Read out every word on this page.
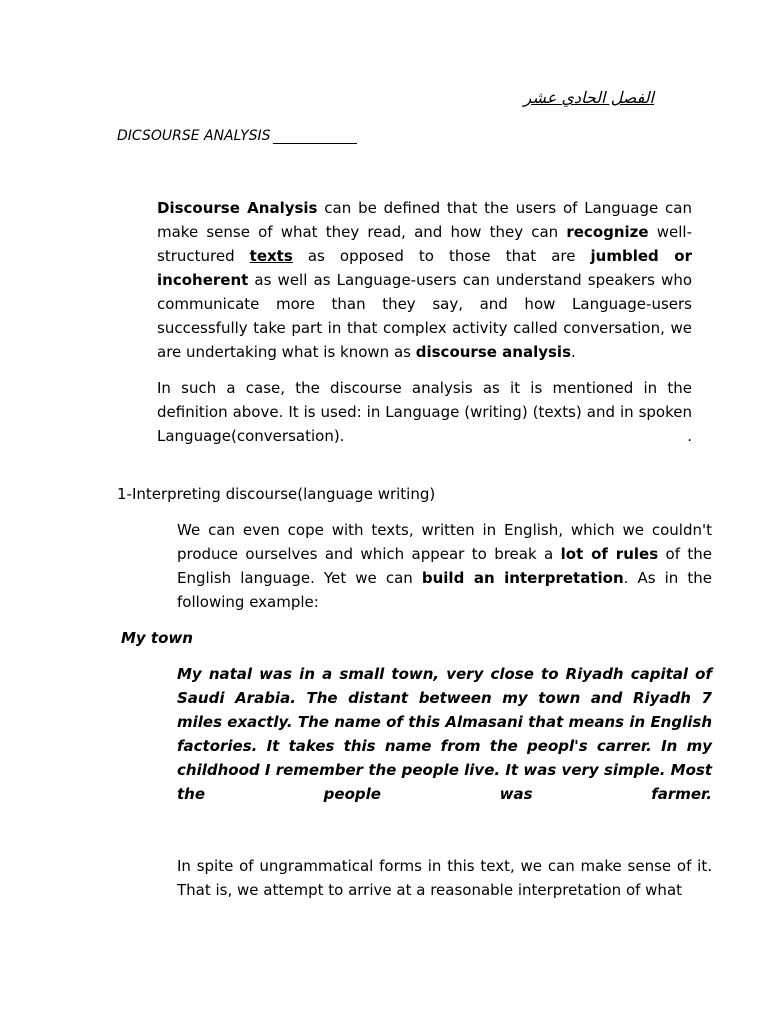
الفصل الحادي عشر
DICSOURSE ANALYSIS
Discourse Analysis can be defined that the users of Language can make sense of what they read, and how they can recognize well-structured texts as opposed to those that are jumbled or incoherent as well as Language-users can understand speakers who communicate more than they say, and how Language-users successfully take part in that complex activity called conversation, we are undertaking what is known as discourse analysis.
In such a case, the discourse analysis as it is mentioned in the definition above. It is used: in Language (writing) (texts) and in spoken Language(conversation).	.
1-Interpreting discourse(language writing)
We can even cope with texts, written in English, which we couldn't produce ourselves and which appear to break a lot of rules of the English language. Yet we can build an interpretation. As in the following example:
My town
My natal was in a small town, very close to Riyadh capital of Saudi Arabia. The distant between my town and Riyadh 7 miles exactly. The name of this Almasani that means in English factories. It takes this name from the peopl's carrer. In my childhood I remember the people live. It was very simple. Most the people was farmer.
In spite of ungrammatical forms in this text, we can make sense of it. That is, we attempt to arrive at a reasonable interpretation of what
